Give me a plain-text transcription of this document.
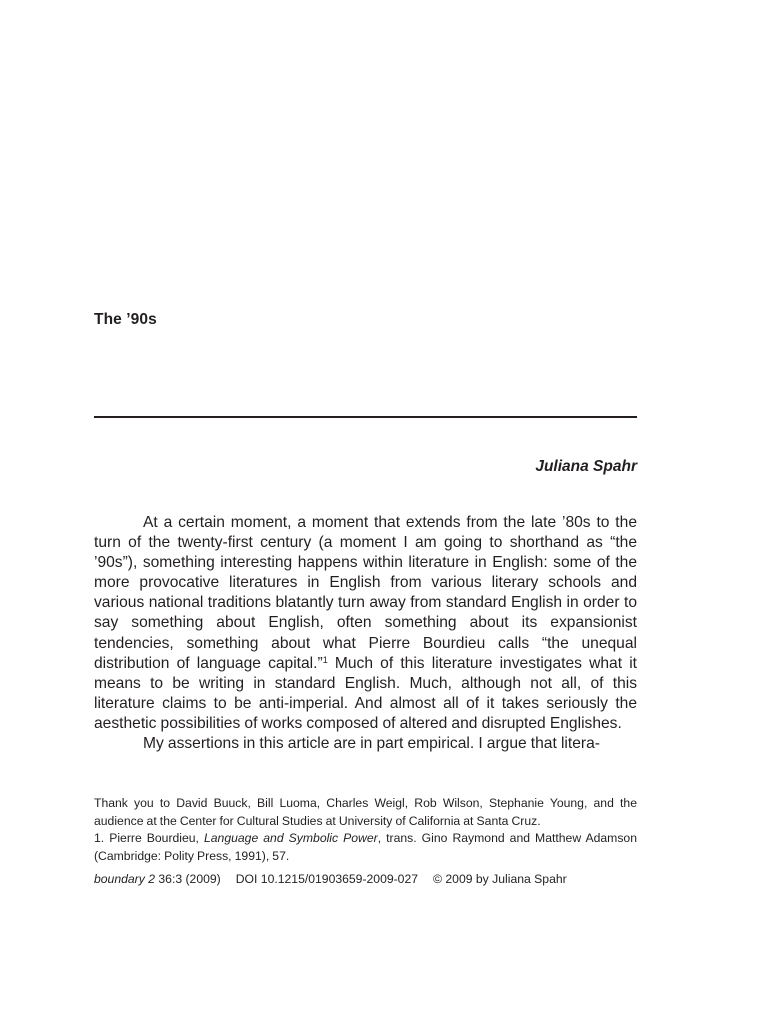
The ’90s
Juliana Spahr

At a certain moment, a moment that extends from the late ’80s to the turn of the twenty-first century (a moment I am going to shorthand as “the ’90s”), something interesting happens within literature in English: some of the more provocative literatures in English from various literary schools and various national traditions blatantly turn away from standard English in order to say something about English, often something about its expansionist tendencies, something about what Pierre Bourdieu calls “the unequal distribution of language capital.”$^1$ Much of this literature investigates what it means to be writing in standard English. Much, although not all, of this literature claims to be anti-imperial. And almost all of it takes seriously the aesthetic possibilities of works composed of altered and disrupted Englishes.

My assertions in this article are in part empirical. I argue that litera-

Thank you to David Buuck, Bill Luoma, Charles Weigl, Rob Wilson, Stephanie Young, and the audience at the Center for Cultural Studies at University of California at Santa Cruz.

1. Pierre Bourdieu, Language and Symbolic Power, trans. Gino Raymond and Matthew Adamson (Cambridge: Polity Press, 1991), 57.

boundary 2 36:3 (2009) DOI 10.1215/01903659-2009-027 © 2009 by Juliana Spahr
